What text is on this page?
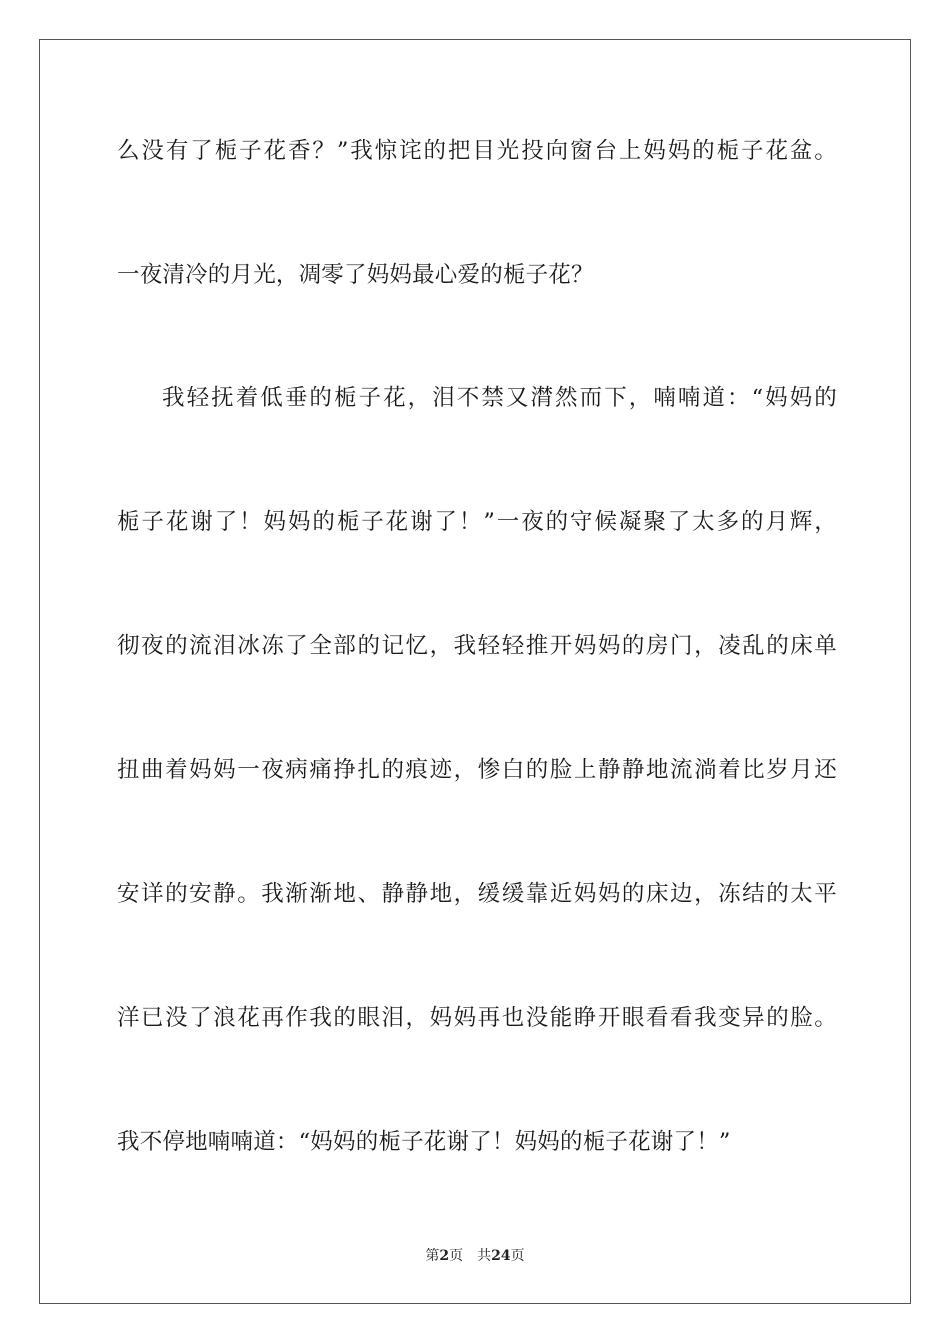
么没有了栀子花香？”我惊诧的把目光投向窗台上妈妈的栀子花盆。
一夜清冷的月光，凋零了妈妈最心爱的栀子花？
我轻抚着低垂的栀子花，泪不禁又潸然而下，喃喃道：“妈妈的
栀子花谢了！妈妈的栀子花谢了！”一夜的守候凝聚了太多的月辉，
彻夜的流泪冰冻了全部的记忆，我轻轻推开妈妈的房门，凌乱的床单
扭曲着妈妈一夜病痛挣扎的痕迹，惨白的脸上静静地流淌着比岁月还
安详的安静。我渐渐地、静静地，缓缓靠近妈妈的床边，冻结的太平
洋已没了浪花再作我的眼泪，妈妈再也没能睁开眼看看我变异的脸。
我不停地喃喃道：“妈妈的栀子花谢了！妈妈的栀子花谢了！”
第2页 共24页
